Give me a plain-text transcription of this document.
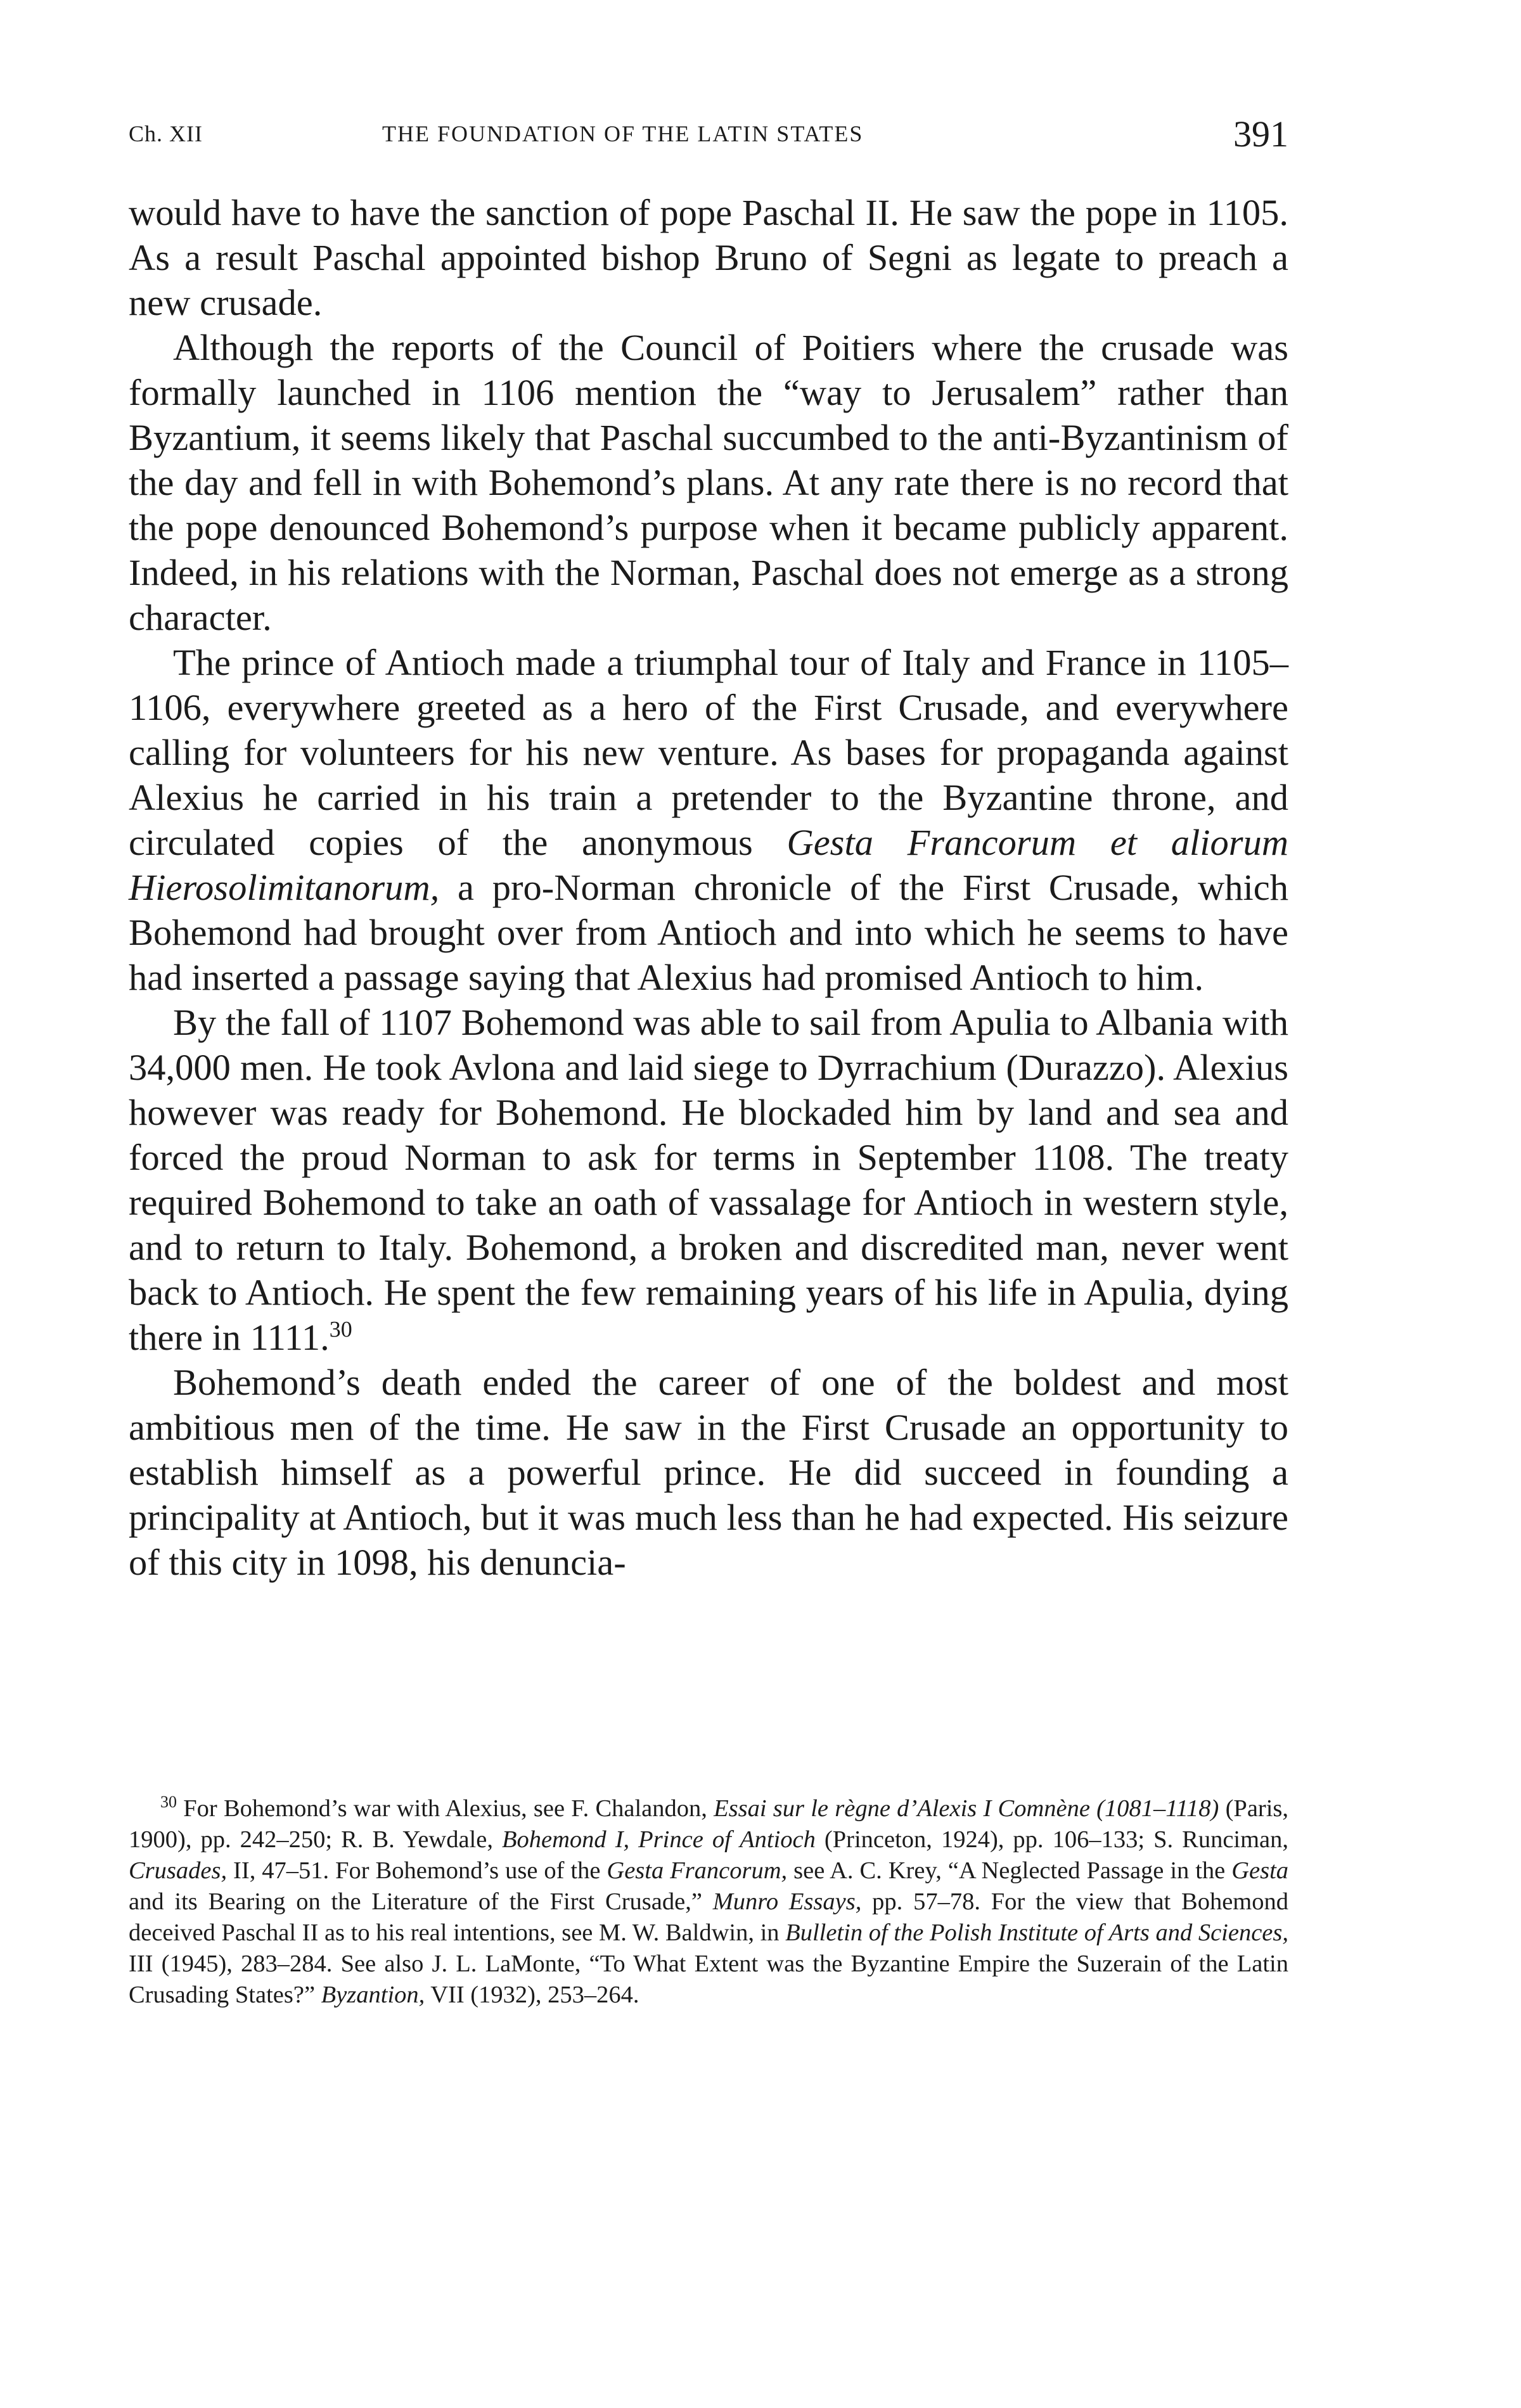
Ch. XII	THE FOUNDATION OF THE LATIN STATES	391

would have to have the sanction of pope Paschal II. He saw the pope in 1105. As a result Paschal appointed bishop Bruno of Segni as legate to preach a new crusade.

Although the reports of the Council of Poitiers where the crusade was formally launched in 1106 mention the “way to Jerusalem” rather than Byzantium, it seems likely that Paschal succumbed to the anti-Byzantinism of the day and fell in with Bohemond’s plans. At any rate there is no record that the pope denounced Bohemond’s purpose when it became publicly apparent. Indeed, in his relations with the Norman, Paschal does not emerge as a strong character.

The prince of Antioch made a triumphal tour of Italy and France in 1105–1106, everywhere greeted as a hero of the First Crusade, and everywhere calling for volunteers for his new venture. As bases for propaganda against Alexius he carried in his train a pretender to the Byzantine throne, and circulated copies of the anonymous Gesta Francorum et aliorum Hierosolimitanorum, a pro-Norman chronicle of the First Crusade, which Bohemond had brought over from Antioch and into which he seems to have had inserted a passage saying that Alexius had promised Antioch to him.

By the fall of 1107 Bohemond was able to sail from Apulia to Albania with 34,000 men. He took Avlona and laid siege to Dyrrachium (Durazzo). Alexius however was ready for Bohemond. He blockaded him by land and sea and forced the proud Norman to ask for terms in September 1108. The treaty required Bohemond to take an oath of vassalage for Antioch in western style, and to return to Italy. Bohemond, a broken and discredited man, never went back to Antioch. He spent the few remaining years of his life in Apulia, dying there in 1111.30

Bohemond’s death ended the career of one of the boldest and most ambitious men of the time. He saw in the First Crusade an opportunity to establish himself as a powerful prince. He did succeed in founding a principality at Antioch, but it was much less than he had expected. His seizure of this city in 1098, his denuncia-

$^{30}$ For Bohemond’s war with Alexius, see F. Chalandon, Essai sur le règne d’Alexis I Comnène (1081–1118) (Paris, 1900), pp. 242–250; R. B. Yewdale, Bohemond I, Prince of Antioch (Princeton, 1924), pp. 106–133; S. Runciman, Crusades, II, 47–51. For Bohemond’s use of the Gesta Francorum, see A. C. Krey, “A Neglected Passage in the Gesta and its Bearing on the Literature of the First Crusade,” Munro Essays, pp. 57–78. For the view that Bohemond deceived Paschal II as to his real intentions, see M. W. Baldwin, in Bulletin of the Polish Institute of Arts and Sciences, III (1945), 283–284. See also J. L. LaMonte, “To What Extent was the Byzantine Empire the Suzerain of the Latin Crusading States?” Byzantion, VII (1932), 253–264.
